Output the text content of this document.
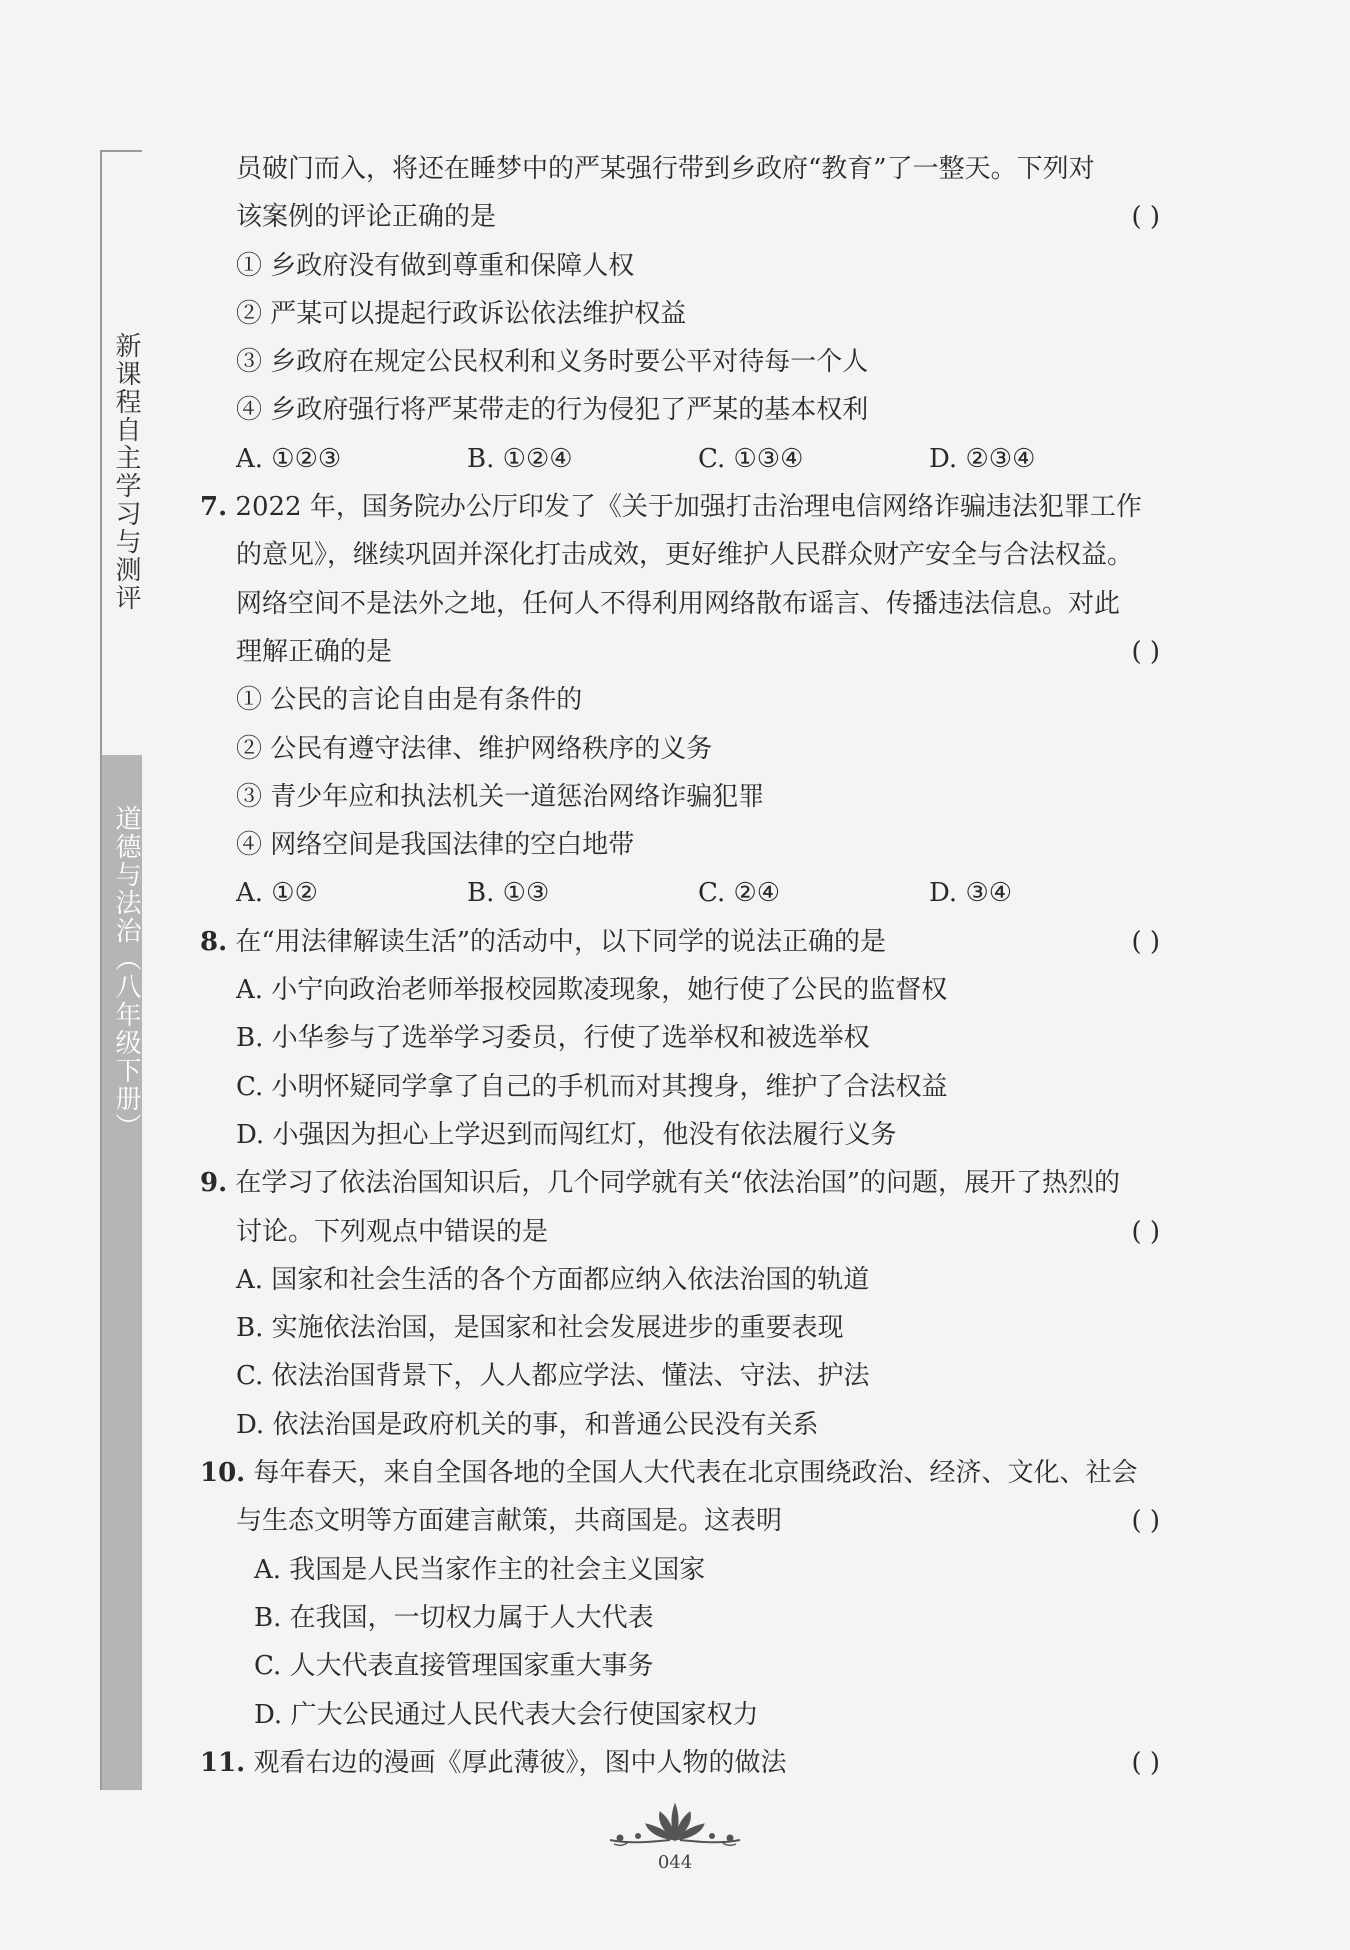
新课程自主学习与测评
道德与法治（八年级下册）
员破门而入，将还在睡梦中的严某强行带到乡政府“教育”了一整天。下列对
该案例的评论正确的是	( )
① 乡政府没有做到尊重和保障人权
② 严某可以提起行政诉讼依法维护权益
③ 乡政府在规定公民权利和义务时要公平对待每一个人
④ 乡政府强行将严某带走的行为侵犯了严某的基本权利
A. ①②③	B. ①②④	C. ①③④	D. ②③④
7. 2022 年，国务院办公厅印发了《关于加强打击治理电信网络诈骗违法犯罪工作
的意见》，继续巩固并深化打击成效，更好维护人民群众财产安全与合法权益。
网络空间不是法外之地，任何人不得利用网络散布谣言、传播违法信息。对此
理解正确的是	( )
① 公民的言论自由是有条件的
② 公民有遵守法律、维护网络秩序的义务
③ 青少年应和执法机关一道惩治网络诈骗犯罪
④ 网络空间是我国法律的空白地带
A. ①②	B. ①③	C. ②④	D. ③④
8. 在“用法律解读生活”的活动中，以下同学的说法正确的是	( )
A. 小宁向政治老师举报校园欺凌现象，她行使了公民的监督权
B. 小华参与了选举学习委员，行使了选举权和被选举权
C. 小明怀疑同学拿了自己的手机而对其搜身，维护了合法权益
D. 小强因为担心上学迟到而闯红灯，他没有依法履行义务
9. 在学习了依法治国知识后，几个同学就有关“依法治国”的问题，展开了热烈的
讨论。下列观点中错误的是	( )
A. 国家和社会生活的各个方面都应纳入依法治国的轨道
B. 实施依法治国，是国家和社会发展进步的重要表现
C. 依法治国背景下，人人都应学法、懂法、守法、护法
D. 依法治国是政府机关的事，和普通公民没有关系
10. 每年春天，来自全国各地的全国人大代表在北京围绕政治、经济、文化、社会
与生态文明等方面建言献策，共商国是。这表明	( )
A. 我国是人民当家作主的社会主义国家
B. 在我国，一切权力属于人大代表
C. 人大代表直接管理国家重大事务
D. 广大公民通过人民代表大会行使国家权力
11. 观看右边的漫画《厚此薄彼》，图中人物的做法	( )
044
